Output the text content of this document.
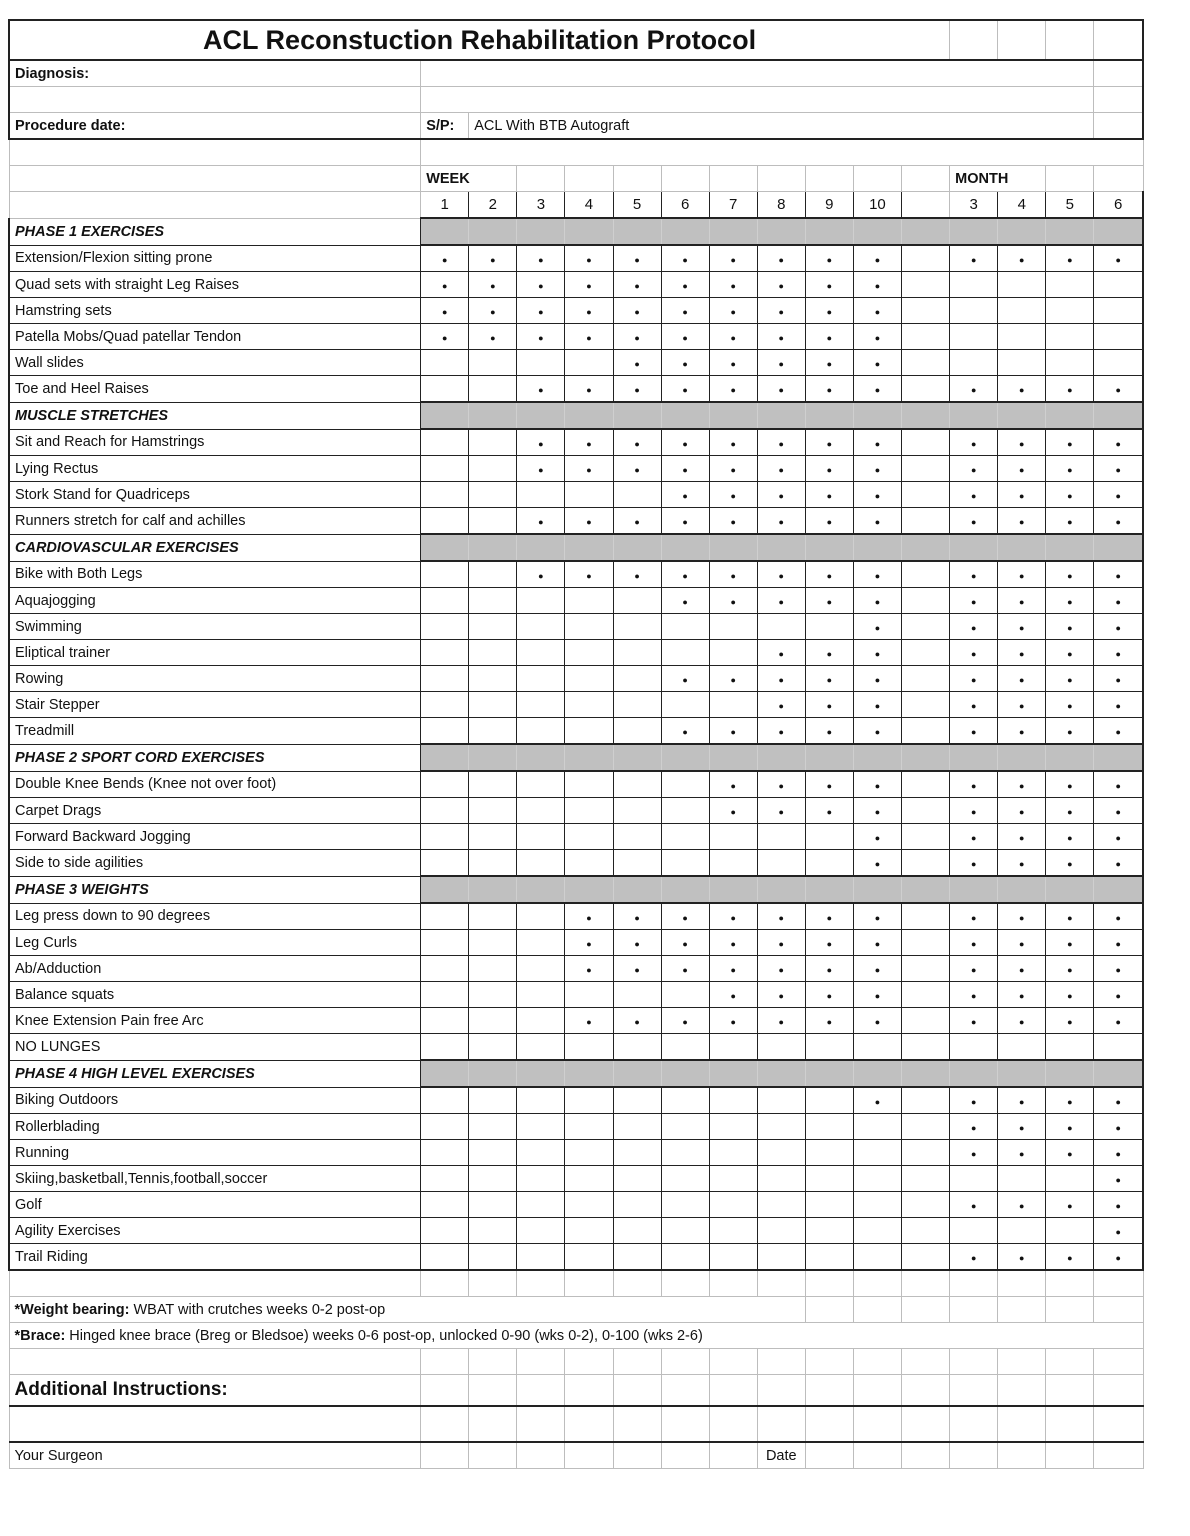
ACL Reconstuction Rehabilitation Protocol															
Diagnosis:															

Procedure date:	S/P:	ACL With BTB Autograft													

	WEEK											MONTH			
	1	2	3	4	5	6	7	8	9	10		3	4	5	6
PHASE 1 EXERCISES															
Extension/Flexion sitting prone	●	●	●	●	●	●	●	●	●	●		●	●	●	●
Quad sets with straight Leg Raises	●	●	●	●	●	●	●	●	●	●					
Hamstring sets	●	●	●	●	●	●	●	●	●	●					
Patella Mobs/Quad patellar Tendon	●	●	●	●	●	●	●	●	●	●					
Wall slides					●	●	●	●	●	●					
Toe and Heel Raises			●	●	●	●	●	●	●	●		●	●	●	●
MUSCLE STRETCHES															
Sit and Reach for Hamstrings			●	●	●	●	●	●	●	●		●	●	●	●
Lying Rectus			●	●	●	●	●	●	●	●		●	●	●	●
Stork Stand for Quadriceps						●	●	●	●	●		●	●	●	●
Runners stretch for calf and achilles			●	●	●	●	●	●	●	●		●	●	●	●
CARDIOVASCULAR EXERCISES															
Bike with Both Legs			●	●	●	●	●	●	●	●		●	●	●	●
Aquajogging						●	●	●	●	●		●	●	●	●
Swimming										●		●	●	●	●
Eliptical trainer								●	●	●		●	●	●	●
Rowing						●	●	●	●	●		●	●	●	●
Stair Stepper								●	●	●		●	●	●	●
Treadmill						●	●	●	●	●		●	●	●	●
PHASE 2 SPORT CORD EXERCISES															
Double Knee Bends (Knee not over foot)							●	●	●	●		●	●	●	●
Carpet Drags							●	●	●	●		●	●	●	●
Forward Backward Jogging										●		●	●	●	●
Side to side agilities										●		●	●	●	●
PHASE 3 WEIGHTS															
Leg press down to 90 degrees				●	●	●	●	●	●	●		●	●	●	●
Leg Curls				●	●	●	●	●	●	●		●	●	●	●
Ab/Adduction				●	●	●	●	●	●	●		●	●	●	●
Balance squats							●	●	●	●		●	●	●	●
Knee Extension Pain free Arc				●	●	●	●	●	●	●		●	●	●	●
NO LUNGES															
PHASE 4 HIGH LEVEL EXERCISES															
Biking Outdoors										●		●	●	●	●
Rollerblading												●	●	●	●
Running												●	●	●	●
Skiing,basketball,Tennis,football,soccer															●
Golf												●	●	●	●
Agility Exercises															●
Trail Riding												●	●	●	●

*Weight bearing: WBAT with crutches weeks 0-2 post-op															
*Brace: Hinged knee brace (Breg or Bledsoe) weeks 0-6 post-op, unlocked 0-90 (wks 0-2), 0-100 (wks 2-6)															

Additional Instructions:															

Your Surgeon								Date							
